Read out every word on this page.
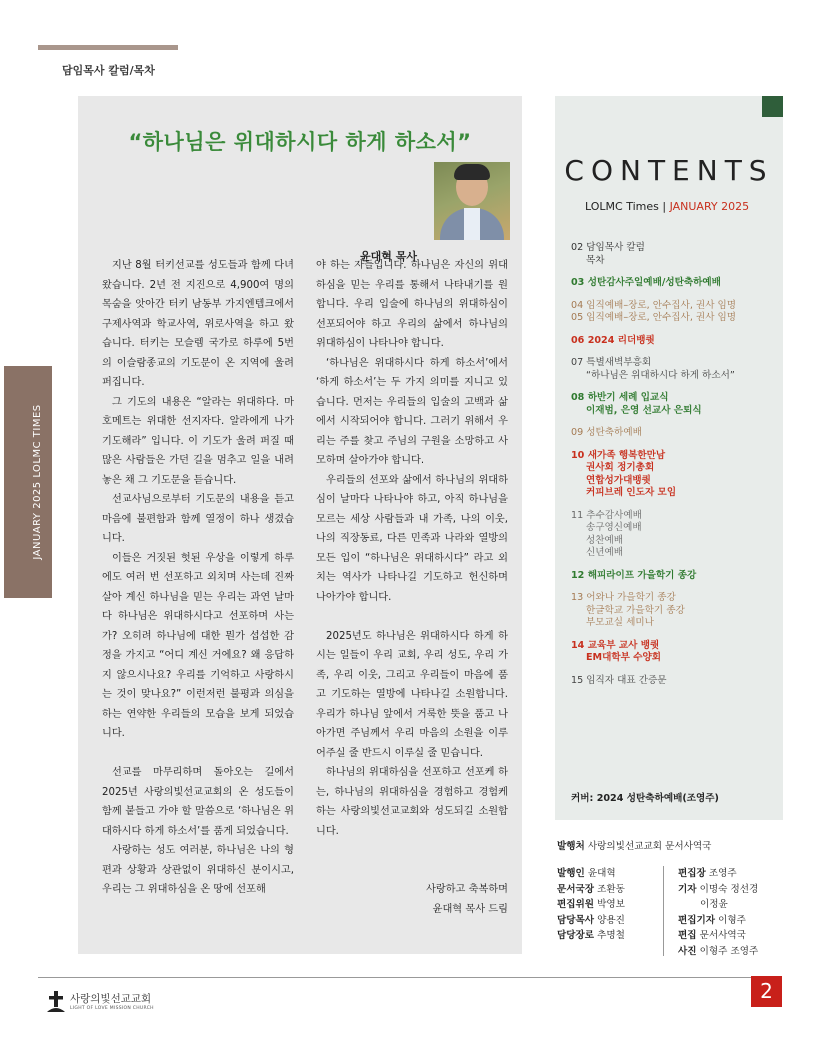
담임목사 칼럼/목차
JANUARY 2025 LOLMC TIMES
“하나님은 위대하시다 하게 하소서”
윤대혁 목사

지난 8월 터키선교를 성도들과 함께 다녀왔습니다. 2년 전 지진으로 4,900여 명의 목숨을 앗아간 터키 남동부 가지엔텝크에서 구제사역과 학교사역, 위로사역을 하고 왔습니다. 터키는 모슬렘 국가로 하루에 5번의 이슬람종교의 기도문이 온 지역에 울려 퍼집니다.

그 기도의 내용은 “알라는 위대하다. 마호메트는 위대한 선지자다. 알라에게 나가 기도해라” 입니다. 이 기도가 울려 퍼질 때 많은 사람들은 가던 길을 멈추고 일을 내려놓은 채 그 기도문을 듣습니다.

선교사님으로부터 기도문의 내용을 듣고 마음에 불편함과 함께 열정이 하나 생겼습니다.

이들은 거짓된 헛된 우상을 이렇게 하루에도 여러 번 선포하고 외치며 사는데 진짜 살아 계신 하나님을 믿는 우리는 과연 날마다 하나님은 위대하시다고 선포하며 사는가? 오히려 하나님에 대한 뭔가 섭섭한 감정을 가지고 “어디 계신 거에요? 왜 응답하지 않으시나요? 우리를 기억하고 사랑하시는 것이 맞나요?” 이런저런 불평과 의심을 하는 연약한 우리들의 모습을 보게 되었습니다.

선교를 마무리하며 돌아오는 길에서 2025년 사랑의빛선교교회의 온 성도들이 함께 붙들고 가야 할 말씀으로 ‘하나님은 위대하시다 하게 하소서’를 품게 되었습니다.

사랑하는 성도 여러분, 하나님은 나의 형편과 상황과 상관없이 위대하신 분이시고, 우리는 그 위대하심을 온 땅에 선포해

야 하는 자들입니다. 하나님은 자신의 위대하심을 믿는 우리를 통해서 나타내기를 원합니다. 우리 입술에 하나님의 위대하심이 선포되어야 하고 우리의 삶에서 하나님의 위대하심이 나타나야 합니다.

‘하나님은 위대하시다 하게 하소서’에서 ‘하게 하소서’는 두 가지 의미를 지니고 있습니다. 먼저는 우리들의 입술의 고백과 삶에서 시작되어야 합니다. 그러기 위해서 우리는 주를 찾고 주님의 구원을 소망하고 사모하며 살아가야 합니다.

우리들의 선포와 삶에서 하나님의 위대하심이 날마다 나타나야 하고, 아직 하나님을 모르는 세상 사람들과 내 가족, 나의 이웃, 나의 직장동료, 다른 민족과 나라와 열방의 모든 입이 “하나님은 위대하시다” 라고 외치는 역사가 나타나길 기도하고 헌신하며 나아가야 합니다.

2025년도 하나님은 위대하시다 하게 하시는 일들이 우리 교회, 우리 성도, 우리 가족, 우리 이웃, 그리고 우리들이 마음에 품고 기도하는 열방에 나타나길 소원합니다. 우리가 하나님 앞에서 거룩한 뜻을 품고 나아가면 주님께서 우리 마음의 소원을 이루어주실 줄 반드시 이루실 줄 믿습니다.

하나님의 위대하심을 선포하고 선포케 하는, 하나님의 위대하심을 경험하고 경험케 하는 사랑의빛선교교회와 성도되길 소원합니다.

사랑하고 축복하며
윤대혁 목사 드림
CONTENTS
LOLMC Times | JANUARY 2025
02 담임목사 칼럼
목차
03 성탄감사주일예배/성탄축하예배
04 임직예배–장로, 안수집사, 권사 임명
05 임직예배–장로, 안수집사, 권사 임명
06 2024 리더뱅퀏
07 특별새벽부흥회
“하나님은 위대하시다 하게 하소서”
08 하반기 세례 입교식
이재범, 은영 선교사 은퇴식
09 성탄축하예배
10 새가족 행복한만남
권사회 정기총회
연합성가대뱅퀏
커피브레 인도자 모임
11 추수감사예배
송구영신예배
성찬예배
신년예배
12 해피라이프 가을학기 종강
13 어와나 가을학기 종강
한글학교 가을학기 종강
부모교실 세미나
14 교육부 교사 뱅퀏
EM대학부 수양회
15 임직자 대표 간증문
커버: 2024 성탄축하예배(조영주)
발행처 사랑의빛선교교회 문서사역국
발행인 윤대혁
문서국장 조환동
편집위원 박영보
담당목사 양용진
담당장로 추명철
편집장 조영주
기자 이명숙 정선경
이정윤
편집기자 이형주
편집 문서사역국
사진 이형주 조영주
사랑의빛선교교회
LIGHT OF LOVE MISSION CHURCH
2
